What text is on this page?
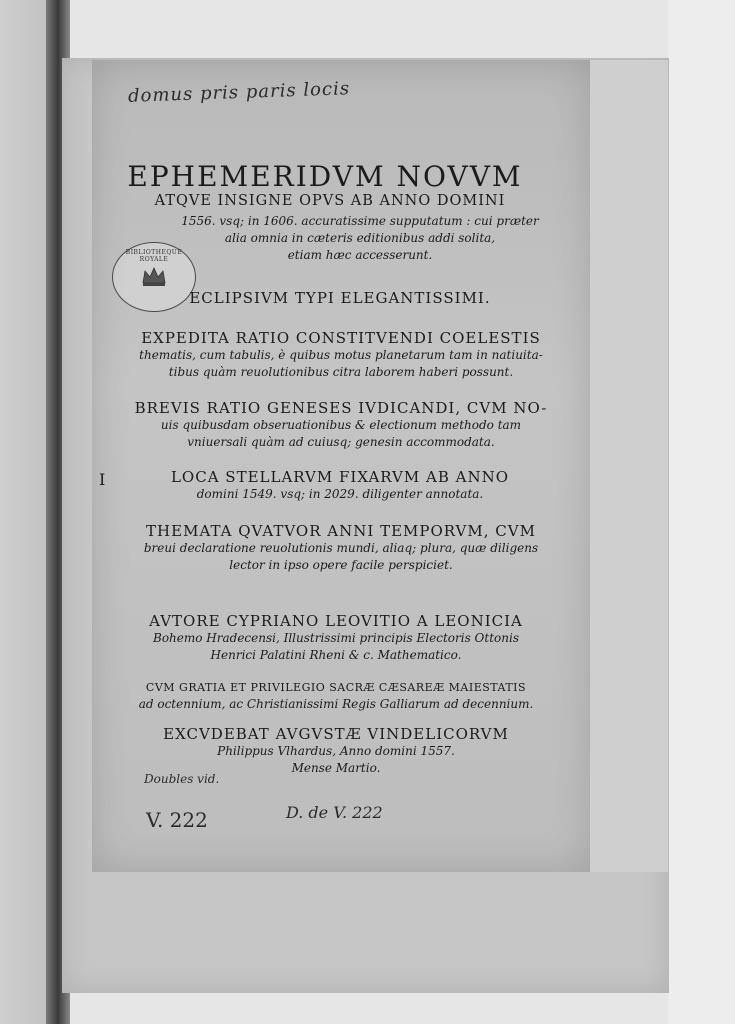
domus pris paris locis
BIBLIOTHEQUE ROYALE
EPHEMERIDVM NOVVM
ATQVE INSIGNE OPVS AB ANNO DOMINI
1556. vsq; in 1606. accuratissime supputatum : cui præter
alia omnia in cæteris editionibus addi solita,
etiam hæc accesserunt.
ECLIPSIVM TYPI ELEGANTISSIMI.
EXPEDITA RATIO CONSTITVENDI COELESTIS
thematis, cum tabulis, è quibus motus planetarum tam in natiuita-
tibus quàm reuolutionibus citra laborem haberi possunt.
BREVIS RATIO GENESES IVDICANDI, CVM NO-
uis quibusdam obseruationibus & electionum methodo tam
vniuersali quàm ad cuiusq; genesin accommodata.
I	LOCA STELLARVM FIXARVM AB ANNO
domini 1549. vsq; in 2029. diligenter annotata.
THEMATA QVATVOR ANNI TEMPORVM, CVM
breui declaratione reuolutionis mundi, aliaq; plura, quæ diligens
lector in ipso opere facile perspiciet.
AVTORE CYPRIANO LEOVITIO A LEONICIA
Bohemo Hradecensi, Illustrissimi principis Electoris Ottonis
Henrici Palatini Rheni & c. Mathematico.
CVM GRATIA ET PRIVILEGIO SACRÆ CÆSAREÆ MAIESTATIS
ad octennium, ac Christianissimi Regis Galliarum ad decennium.
EXCVDEBAT AVGVSTÆ VINDELICORVM
Philippus Vlhardus, Anno domini 1557.
Mense Martio.
Doubles vid.
V. 222	D. de V. 222
